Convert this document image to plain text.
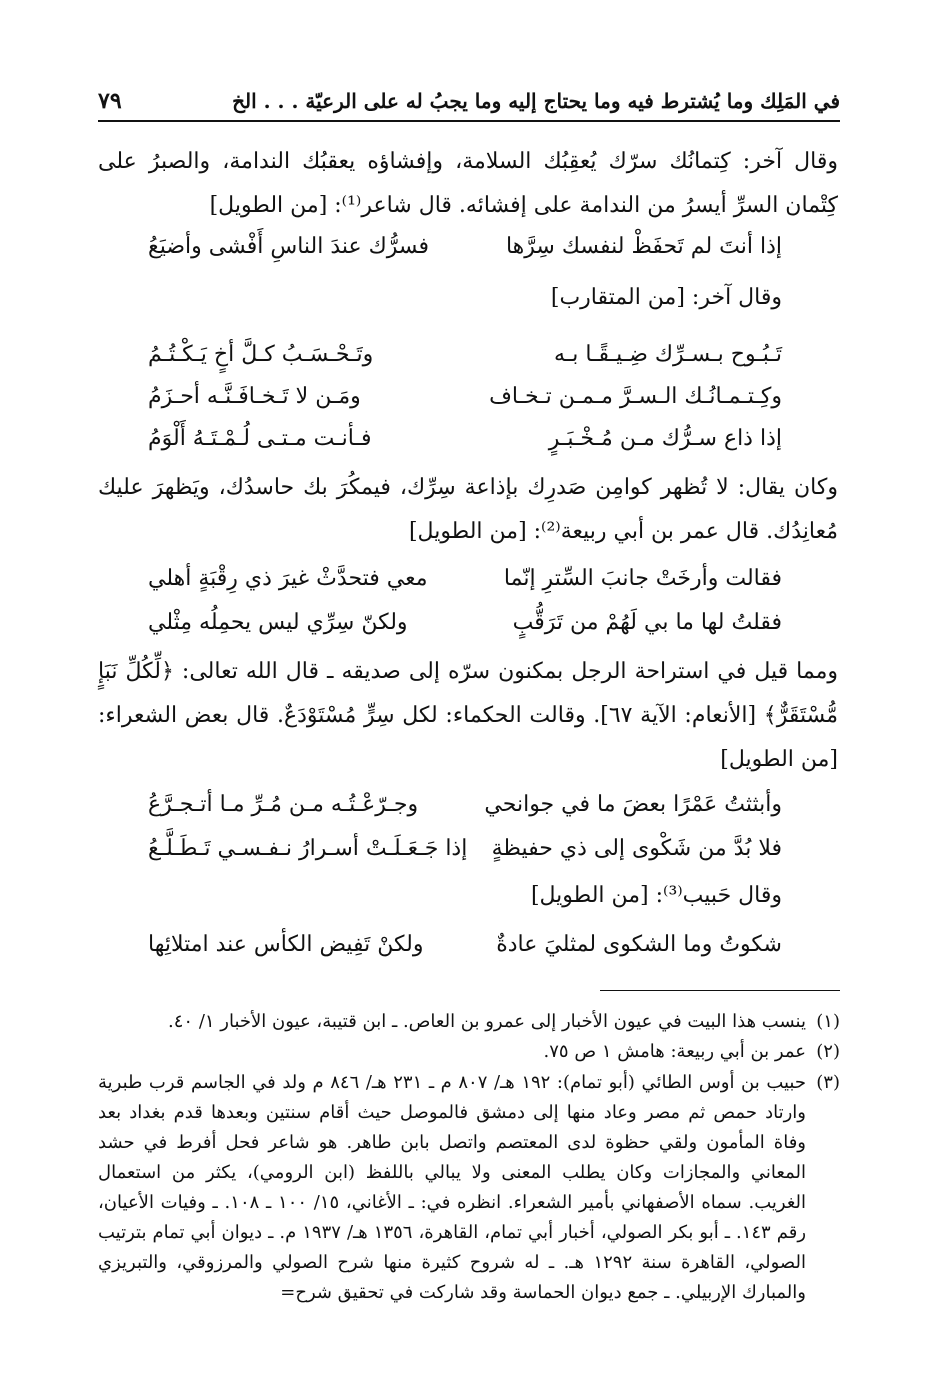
في المَلِك وما يُشترط فيه وما يحتاج إليه وما يجبُ له على الرعيّة . . . الخ
٧٩
وقال آخر: كِتمانُك سرّك يُعقِبُك السلامة، وإفشاؤه يعقبُك الندامة، والصبرُ على كِتْمان السرِّ أيسرُ من الندامة على إفشائه. قال شاعر⁽¹⁾: [من الطويل]
إذا أنتَ لم تَحفَظْ لنفسك سِرَّها
فسرُّك عندَ الناسِ أَفْشى وأضيَعُ
وقال آخر: [من المتقارب]
تَـبُـوح بـسـرِّك ضِـيـقًـا بـه
وتَـحْـسَـبُ كـلَّ أخٍ يَـكْـتُـمُ
وكِـتـمـانُـك الـسـرَّ مـمـن تـخـاف
ومَـن لا تَـخـافَـنَّـه أحـزَمُ
إذا ذاع سـرُّك مـن مُـخْـبَـرٍ
فـأنـت مـتـى لُـمْـتَـهُ أَلْوَمُ
وكان يقال: لا تُظهر كوامِن صَدرِك بإذاعة سِرِّك، فيمكُرَ بك حاسدُك، ويَظهرَ عليك مُعانِدُك. قال عمر بن أبي ربيعة⁽²⁾: [من الطويل]
فقالت وأرخَتْ جانبَ السِّترِ إنّما
معي فتحدَّثْ غيرَ ذي رِقْبَةٍ أهلي
فقلتُ لها ما بي لَهُمْ من تَرَقُّبٍ
ولكنّ سِرِّي ليس يحمِلُه مِثْلي
ومما قيل في استراحة الرجل بمكنون سرّه إلى صديقه ـ قال الله تعالى: ﴿لِّكُلِّ نَبَإٍ مُّسْتَقَرٌّ﴾ [الأنعام: الآية ٦٧]. وقالت الحكماء: لكل سِرٍّ مُسْتَوْدَعٌ. قال بعض الشعراء: [من الطويل]
وأبثثتُ عَمْرًا بعضَ ما في جوانحي
وجـرّعْـتُـه مـن مُـرِّ مـا أتـجـرَّعُ
فلا بُدَّ من شَكْوى إلى ذي حفيظةٍ
إذا جَـعَـلَـتْ أسـرارُ نـفـسـي تَـطَـلَّـعُ
وقال حَبيب⁽³⁾: [من الطويل]
شكوتُ وما الشكوى لمثليَ عادةٌ
ولكنْ تَفِيض الكأس عند امتلائِها
(١)ينسب هذا البيت في عيون الأخبار إلى عمرو بن العاص. ـ ابن قتيبة، عيون الأخبار ١/ ٤٠.
(٢)عمر بن أبي ربيعة: هامش ١ ص ٧٥.
(٣)
حبيب بن أوس الطائي (أبو تمام): ١٩٢ هـ/ ٨٠٧ م ـ ٢٣١ هـ/ ٨٤٦ م ولد في الجاسم قرب طبرية وارتاد حمص ثم مصر وعاد منها إلى دمشق فالموصل حيث أقام سنتين وبعدها قدم بغداد بعد وفاة المأمون ولقي حظوة لدى المعتصم واتصل بابن طاهر. هو شاعر فحل أفرط في حشد المعاني والمجازات وكان يطلب المعنى ولا يبالي باللفظ (ابن الرومي)، يكثر من استعمال الغريب. سماه الأصفهاني بأمير الشعراء. انظره في: ـ الأغاني، ١٥/ ١٠٠ ـ ١٠٨. ـ وفيات الأعيان، رقم ١٤٣. ـ أبو بكر الصولي، أخبار أبي تمام، القاهرة، ١٣٥٦ هـ/ ١٩٣٧ م. ـ ديوان أبي تمام بترتيب الصولي، القاهرة سنة ١٢٩٢ هـ. ـ له شروح كثيرة منها شرح الصولي والمرزوقي، والتبريزي والمبارك الإربيلي. ـ جمع ديوان الحماسة وقد شاركت في تحقيق شرح=
